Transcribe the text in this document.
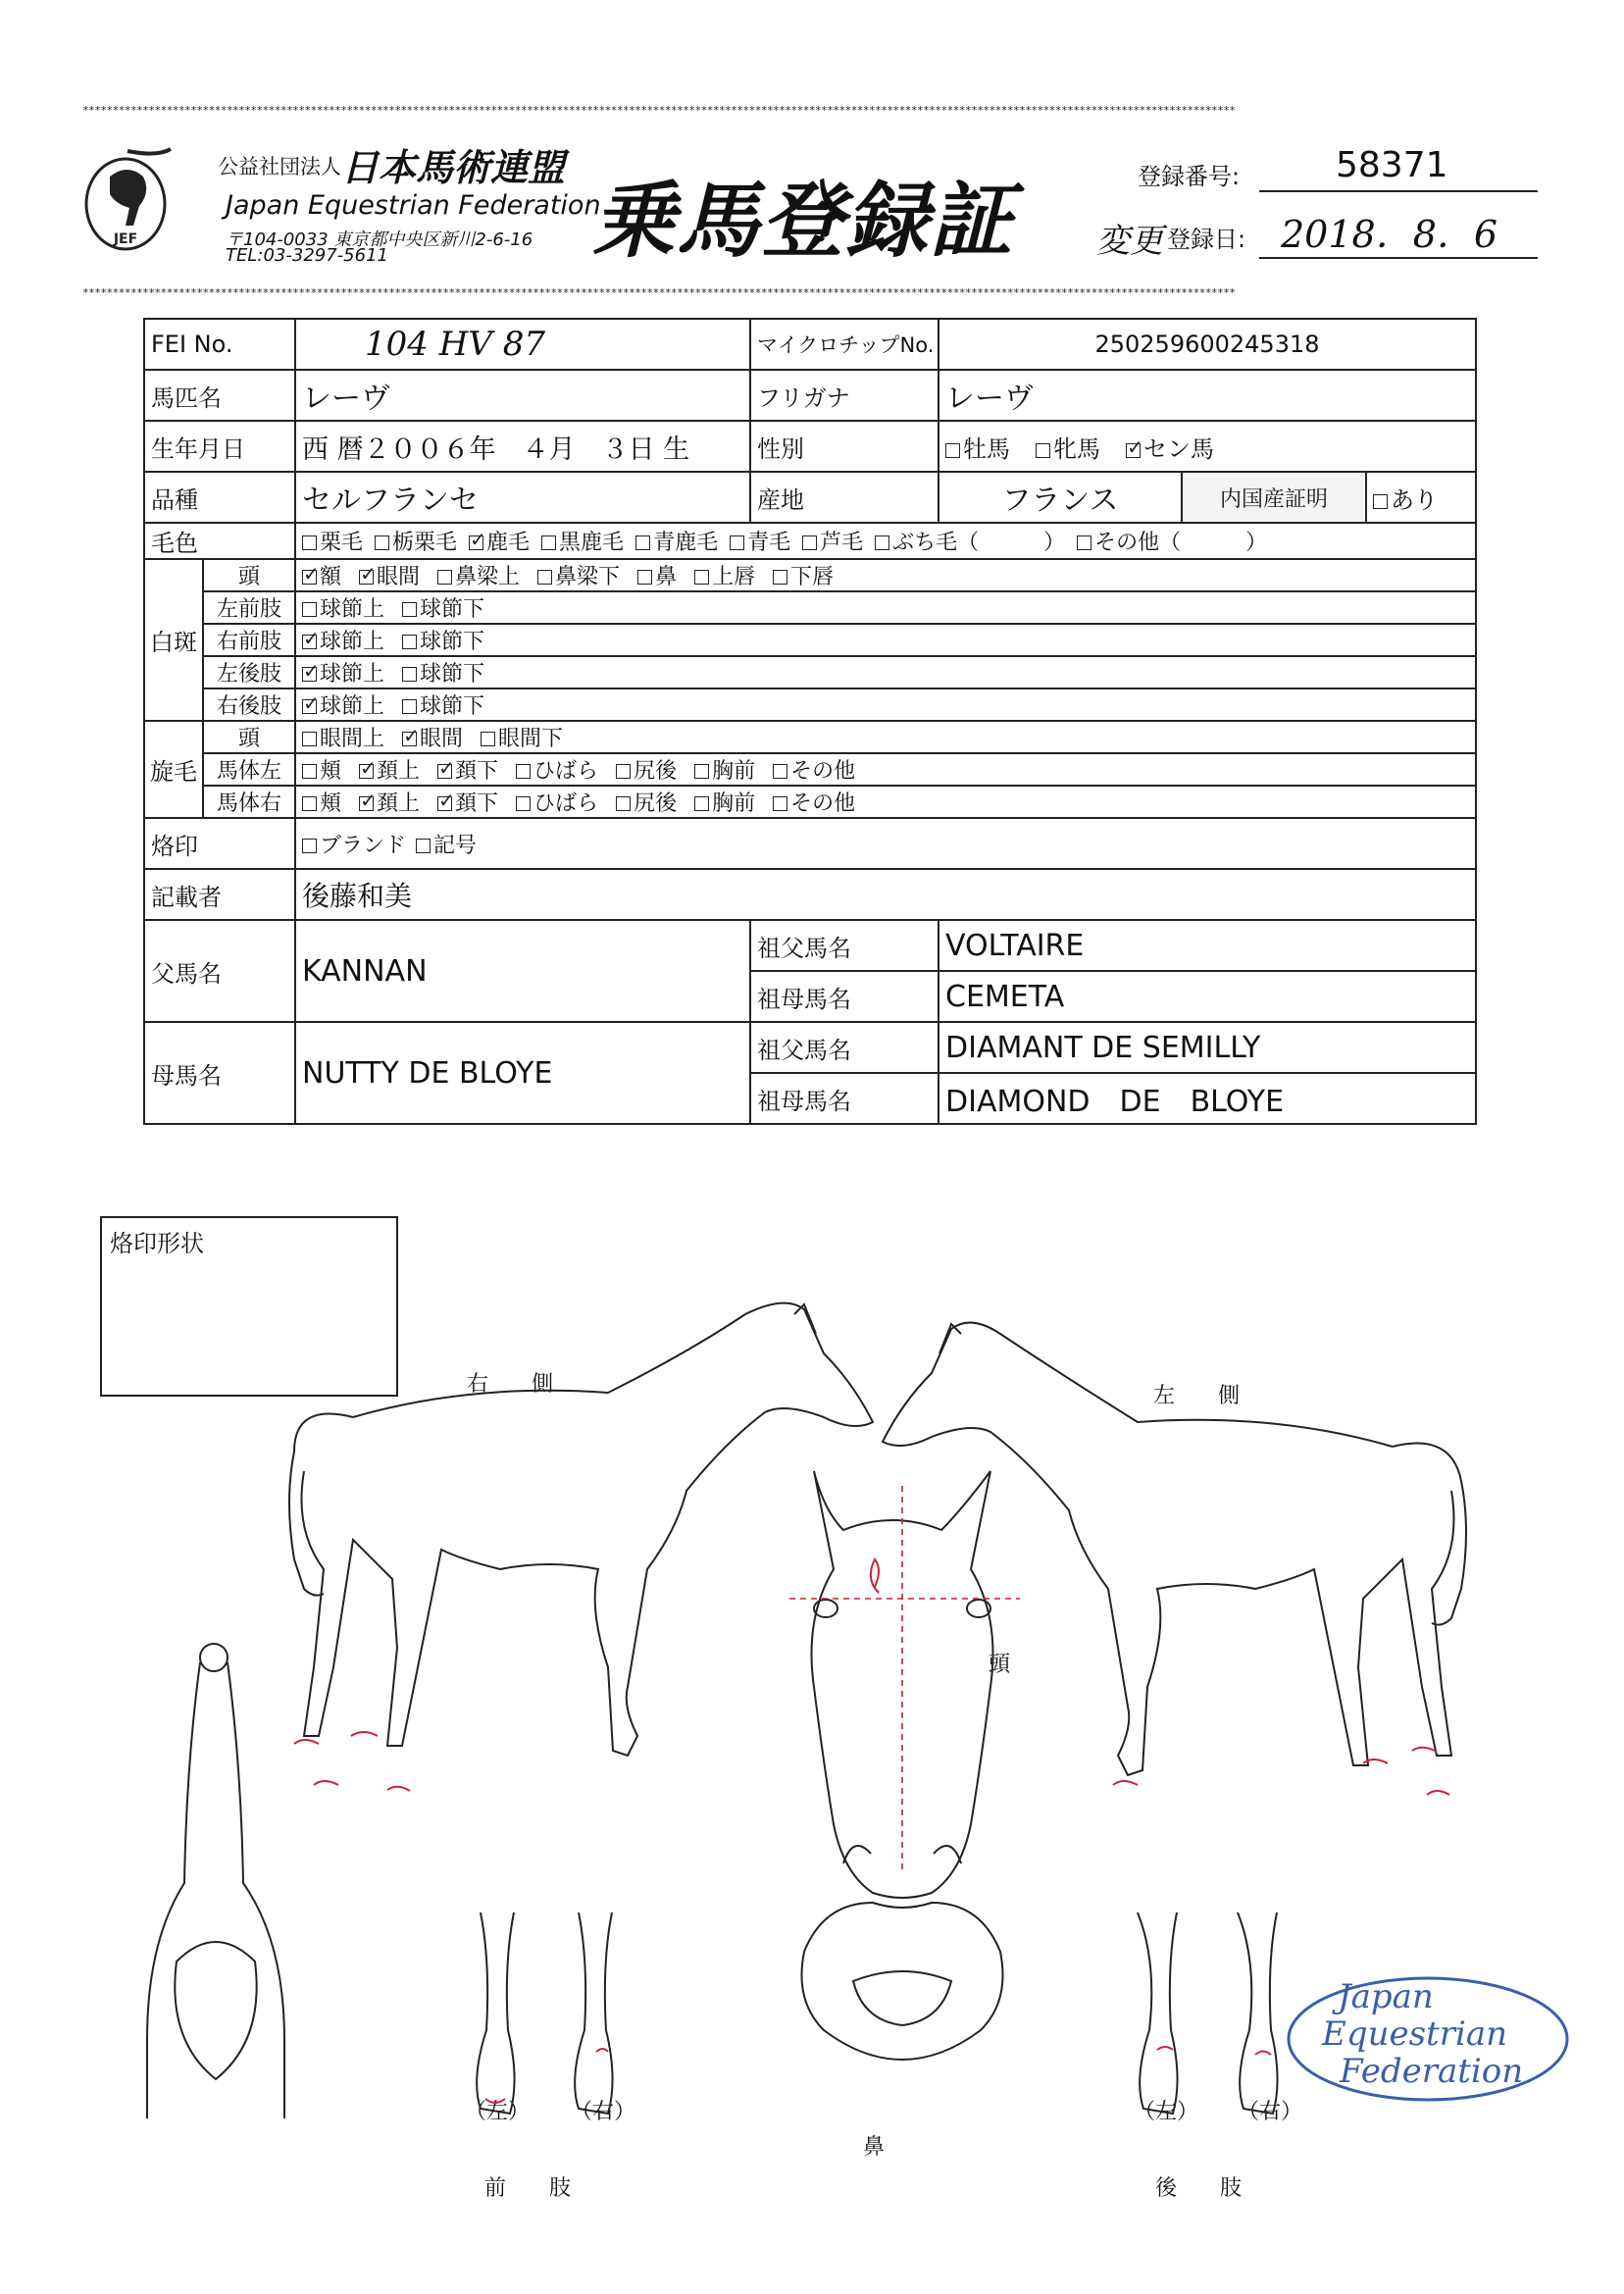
************************************************************************************************************************************************************************************************
************************************************************************************************************************************************************************************************
JEF
公益社団法人 日本馬術連盟
Japan Equestrian Federation
〒104-0033 東京都中央区新川2-6-16
TEL:03-3297-5611 乗馬登録証	登録番号:	58371
変更 登録日: 2018．8．6
FEI No.		104 HV 87	マイクロチップNo.	250259600245318		
馬匹名		レーヴ	フリガナ	レーヴ		
生年月日		西 暦２００６年　４月　３日 生	性別	牡馬 牝馬 ✓ セン馬
品種		セルフランセ	産地	フランス	内国産証明	あり
毛色		栗毛 栃栗毛 ✓ 鹿毛 黒鹿毛 青鹿毛 青毛 芦毛 ぶち毛（　　　） その他（　　　）
白斑	頭	✓額 ✓ 眼間 鼻梁上 鼻梁下 鼻 上唇 下唇
	左前肢	球節上 球節下				
	右前肢	✓球節上 球節下
	左後肢	✓球節上 球節下
	右後肢	✓球節上 球節下
旋毛	頭	眼間上 ✓ 眼間 眼間下
	馬体左	頬 ✓ 頚上 ✓ 頚下 ひばら 尻後 胸前 その他
	馬体右	頬 ✓ 頚上 ✓ 頚下 ひばら 尻後 胸前 その他
烙印		ブランド 記号				
記載者		後藤和美				
父馬名		KANNAN	祖父馬名	VOLTAIRE		
			祖母馬名	CEMETA		
母馬名		NUTTY DE BLOYE	祖父馬名	DIAMANT DE SEMILLY		
			祖母馬名	DIAMOND　DE　BLOYE		
烙印形状
右　　側	左　　側
頭
鼻
（左） （右）
前　　肢
（左） （右）
後　　肢
Japan
Equestrian
Federation
